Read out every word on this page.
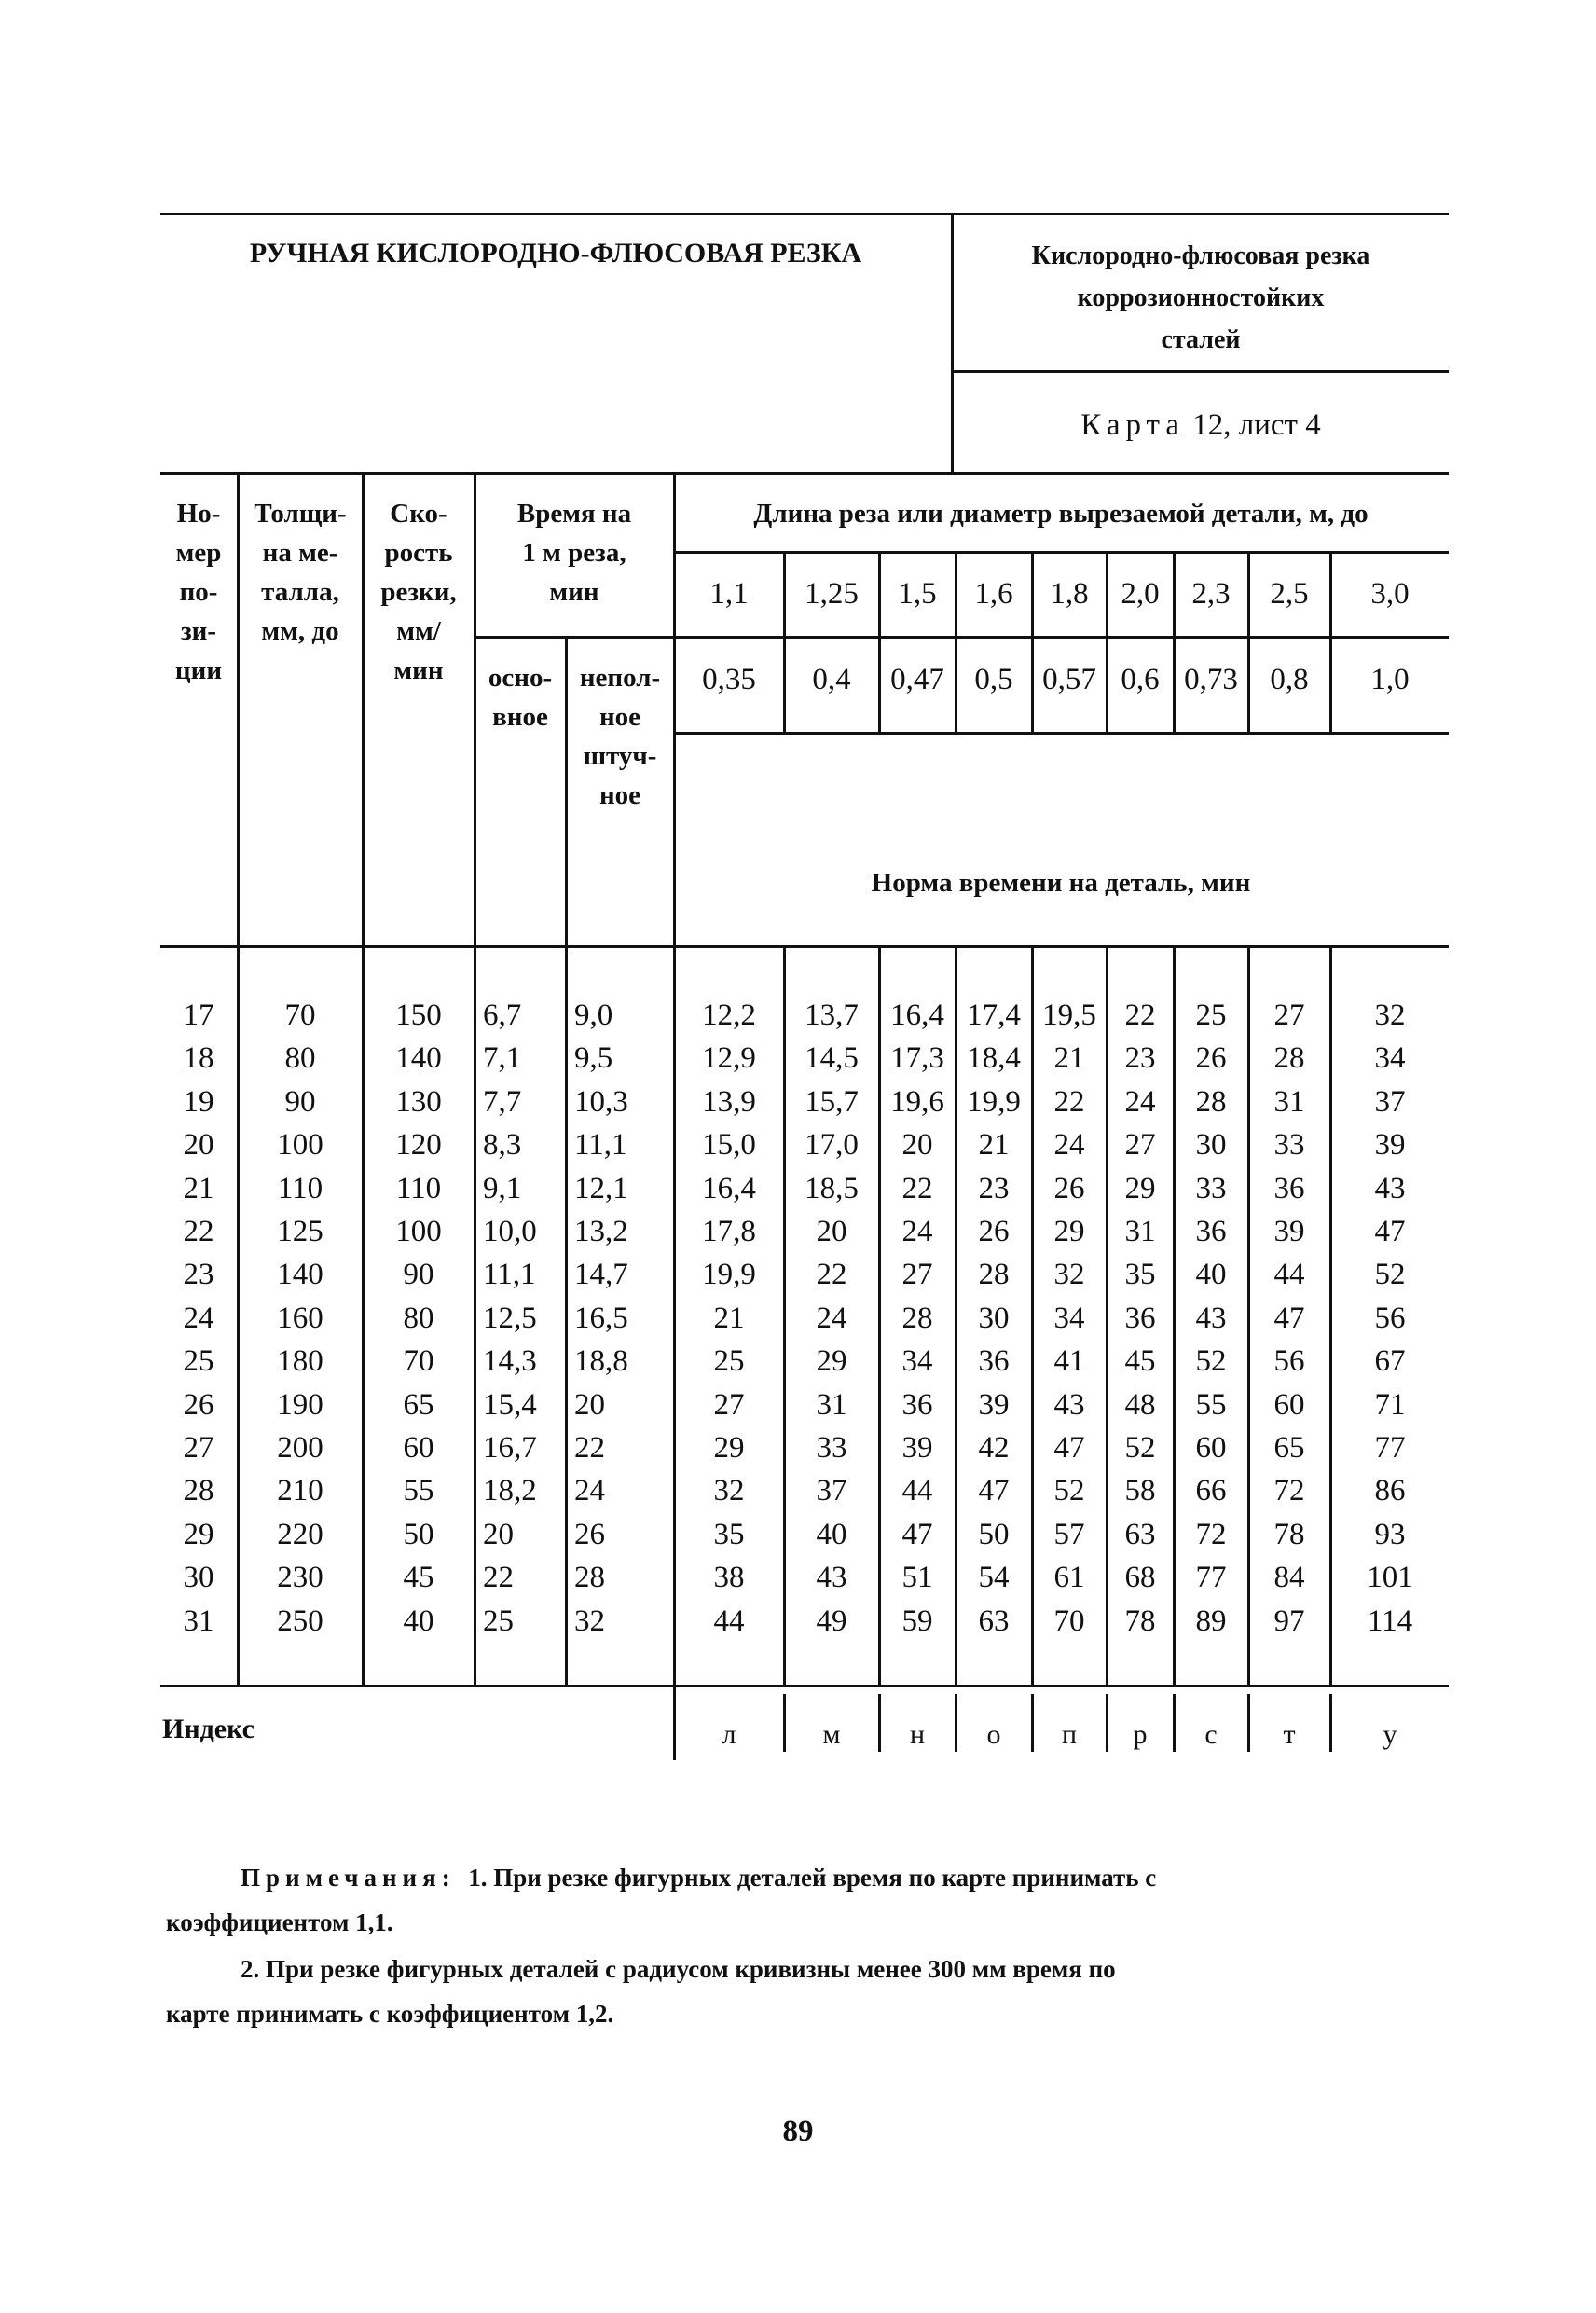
РУЧНАЯ КИСЛОРОДНО-ФЛЮСОВАЯ РЕЗКА	Кислородно-флюсовая резка
коррозионностойких
сталей
Карта 12, лист 4
Но-
мер
по-
зи-
ции
Толщи-
на ме-
талла,
мм, до
Ско-
рость
резки,
мм/
мин
Время на
1 м реза,
мин
осно-
вное
непол-
ное
штуч-
ное
Длина реза или диаметр вырезаемой детали, м, до
Норма времени на деталь, мин
1,1	1,25	1,5	1,6	1,8	2,0	2,3	2,5	3,0
0,35	0,4	0,47 0,5 0,57 0,6 0,73	0,8	1,0
17	70	150	6,7	9,0	12,2	13,7	16,4 17,4 19,5 22	25	27	32
18	80	140	7,1	9,5	12,9	14,5	17,3 18,4	21	23	26	28	34
19	90	130	7,7	10,3	13,9	15,7	19,6 19,9	22	24	28	31	37
20	100	120	8,3	11,1	15,0	17,0	20	21	24	27	30	33	39
21	110	110	9,1	12,1	16,4	18,5	22	23	26	29	33	36	43
22	125	100	10,0	13,2	17,8	20	24	26	29	31	36	39	47
23	140	90	11,1	14,7	19,9	22	27	28	32	35	40	44	52
24	160	80	12,5	16,5	21	24	28	30	34	36	43	47	56
25	180	70	14,3	18,8	25	29	34	36	41	45	52	56	67
26	190	65	15,4	20	27	31	36	39	43	48	55	60	71
27	200	60	16,7	22	29	33	39	42	47	52	60	65	77
28	210	55	18,2	24	32	37	44	47	52	58	66	72	86
29	220	50	20	26	35	40	47	50	57	63	72	78	93
30	230	45	22	28	38	43	51	54	61	68	77	84	101
31	250	40	25	32	44	49	59	63	70	78	89	97	114
Индекс	л	м	н	о	п	р	с	т	у
Примечания: 1. При резке фигурных деталей время по карте принимать с
коэффициентом 1,1.
2. При резке фигурных деталей с радиусом кривизны менее 300 мм время по
карте принимать с коэффициентом 1,2.
89
